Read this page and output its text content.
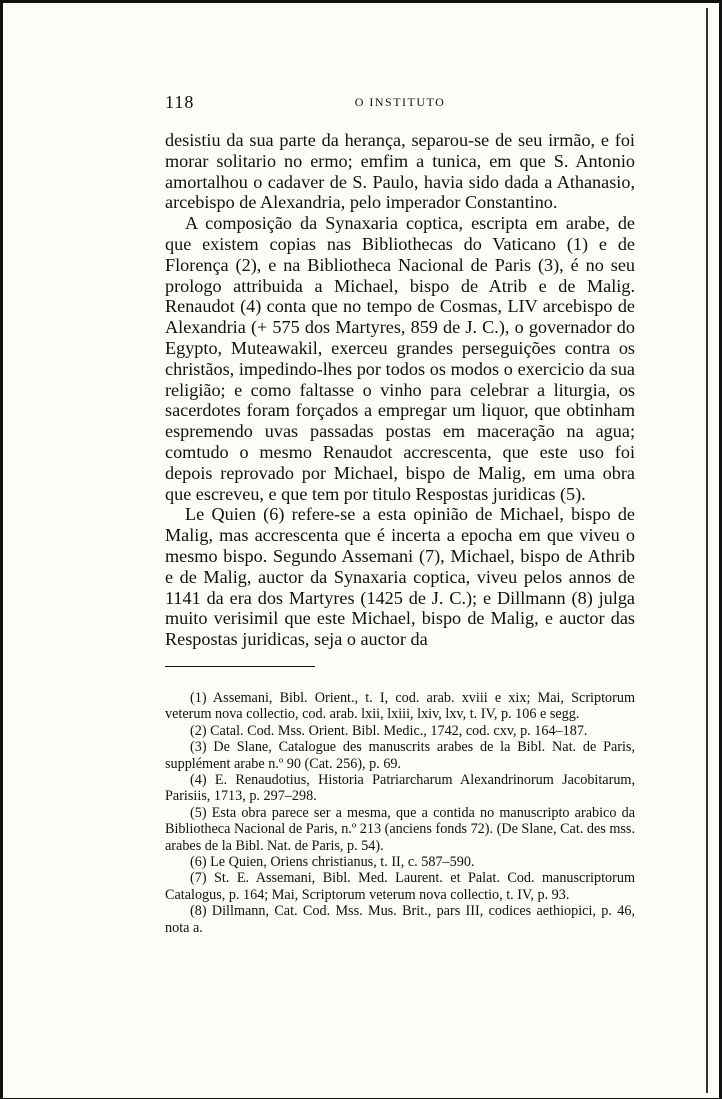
118	O INSTITUTO

desistiu da sua parte da herança, separou-se de seu irmão, e foi morar solitario no ermo; emfim a tunica, em que S. Antonio amortalhou o cadaver de S. Paulo, havia sido dada a Athanasio, arcebispo de Alexandria, pelo imperador Constantino.

A composição da Synaxaria coptica, escripta em arabe, de que existem copias nas Bibliothecas do Vaticano (1) e de Florença (2), e na Bibliotheca Nacional de Paris (3), é no seu prologo attribuida a Michael, bispo de Atrib e de Malig. Renaudot (4) conta que no tempo de Cosmas, LIV arcebispo de Alexandria (+ 575 dos Martyres, 859 de J. C.), o governador do Egypto, Muteawakil, exerceu grandes perseguições contra os christãos, impedindo-lhes por todos os modos o exercicio da sua religião; e como faltasse o vinho para celebrar a liturgia, os sacerdotes foram forçados a empregar um liquor, que obtinham espremendo uvas passadas postas em maceração na agua; comtudo o mesmo Renaudot accrescenta, que este uso foi depois reprovado por Michael, bispo de Malig, em uma obra que escreveu, e que tem por titulo Respostas juridicas (5).

Le Quien (6) refere-se a esta opinião de Michael, bispo de Malig, mas accrescenta que é incerta a epocha em que viveu o mesmo bispo. Segundo Assemani (7), Michael, bispo de Athrib e de Malig, auctor da Synaxaria coptica, viveu pelos annos de 1141 da era dos Martyres (1425 de J. C.); e Dillmann (8) julga muito verisimil que este Michael, bispo de Malig, e auctor das Respostas juridicas, seja o auctor da

(1) Assemani, Bibl. Orient., t. I, cod. arab. xviii e xix; Mai, Scriptorum veterum nova collectio, cod. arab. lxii, lxiii, lxiv, lxv, t. IV, p. 106 e segg.

(2) Catal. Cod. Mss. Orient. Bibl. Medic., 1742, cod. cxv, p. 164–187.

(3) De Slane, Catalogue des manuscrits arabes de la Bibl. Nat. de Paris, supplément arabe n.º 90 (Cat. 256), p. 69.

(4) E. Renaudotius, Historia Patriarcharum Alexandrinorum Jacobitarum, Parisiis, 1713, p. 297–298.

(5) Esta obra parece ser a mesma, que a contida no manuscripto arabico da Bibliotheca Nacional de Paris, n.º 213 (anciens fonds 72). (De Slane, Cat. des mss. arabes de la Bibl. Nat. de Paris, p. 54).

(6) Le Quien, Oriens christianus, t. II, c. 587–590.

(7) St. E. Assemani, Bibl. Med. Laurent. et Palat. Cod. manuscriptorum Catalogus, p. 164; Mai, Scriptorum veterum nova collectio, t. IV, p. 93.

(8) Dillmann, Cat. Cod. Mss. Mus. Brit., pars III, codices aethiopici, p. 46, nota a.
